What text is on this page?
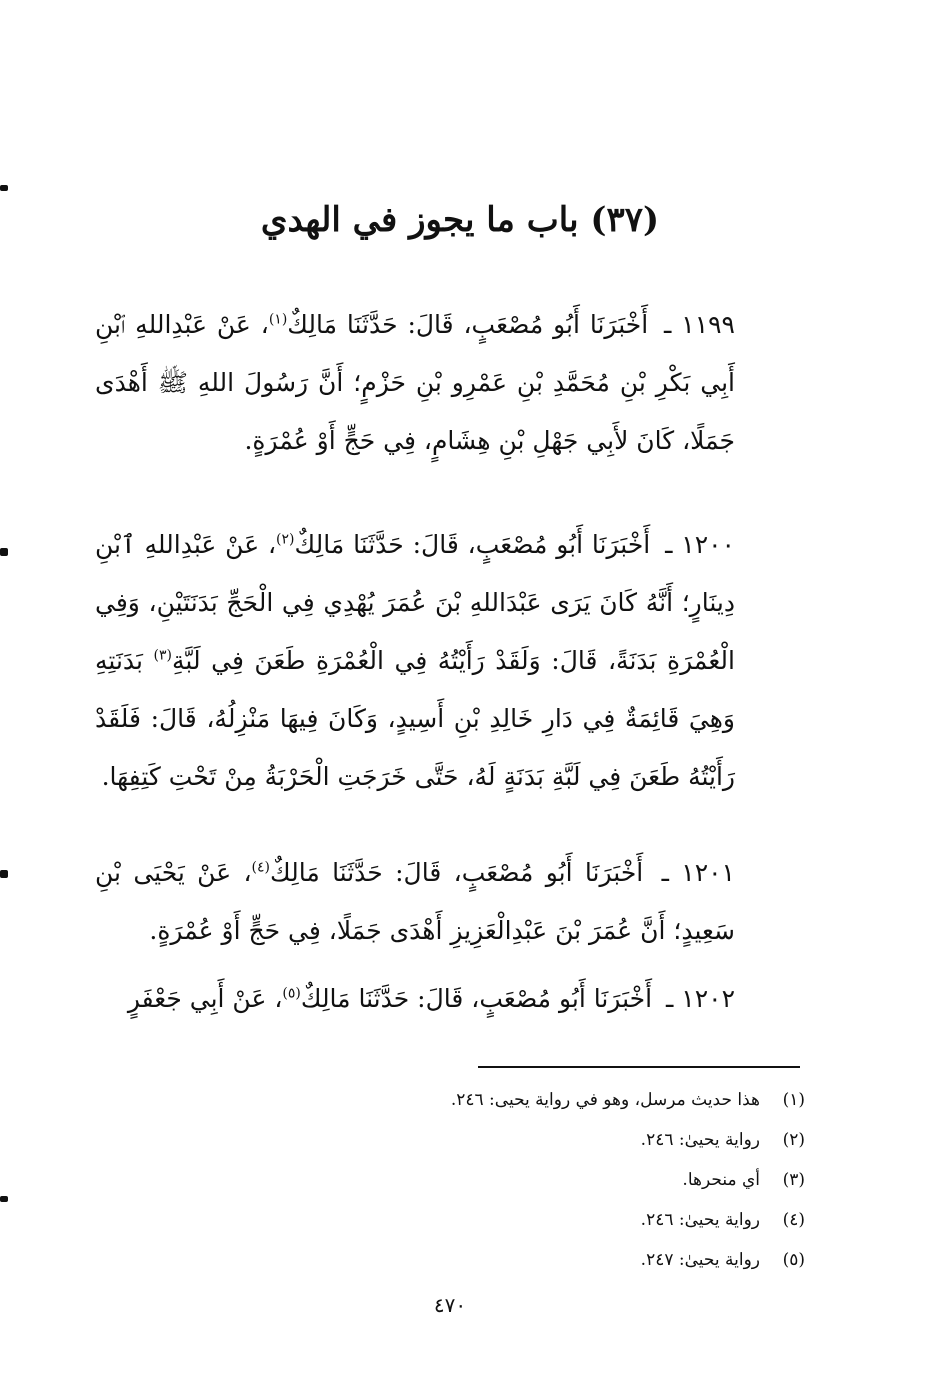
(٣٧) باب ما يجوز في الهدي
١١٩٩ ـ أَخْبَرَنَا أَبُو مُصْعَبٍ، قَالَ: حَدَّثَنَا مَالِكٌ$^{(١)}$، عَنْ عَبْدِاللهِ ٱبْنِ أَبِي بَكْرِ بْنِ مُحَمَّدِ بْنِ عَمْرِو بْنِ حَزْمٍ؛ أَنَّ رَسُولَ اللهِ ﷺ أَهْدَى جَمَلًا، كَانَ لأَبِي جَهْلِ بْنِ هِشَامٍ، فِي حَجٍّ أَوْ عُمْرَةٍ.
١٢٠٠ ـ أَخْبَرَنَا أَبُو مُصْعَبٍ، قَالَ: حَدَّثَنَا مَالِكٌ$^{(٢)}$، عَنْ عَبْدِاللهِ ٱبْنِ دِينَارٍ؛ أَنَّهُ كَانَ يَرَى عَبْدَاللهِ بْنَ عُمَرَ يُهْدِي فِي الْحَجِّ بَدَنَتَيْنِ، وَفِي الْعُمْرَةِ بَدَنَةً، قَالَ: وَلَقَدْ رَأَيْتُهُ فِي الْعُمْرَةِ طَعَنَ فِي لَبَّةِ$^{(٣)}$ بَدَنَتِهِ وَهِيَ قَائِمَةٌ فِي دَارِ خَالِدِ بْنِ أَسِيدٍ، وَكَانَ فِيهَا مَنْزِلُهُ، قَالَ: فَلَقَدْ رَأَيْتُهُ طَعَنَ فِي لَبَّةِ بَدَنَةٍ لَهُ، حَتَّى خَرَجَتِ الْحَرْبَةُ مِنْ تَحْتِ كَتِفِهَا.
١٢٠١ ـ أَخْبَرَنَا أَبُو مُصْعَبٍ، قَالَ: حَدَّثَنَا مَالِكٌ$^{(٤)}$، عَنْ يَحْيَى بْنِ سَعِيدٍ؛ أَنَّ عُمَرَ بْنَ عَبْدِالْعَزِيزِ أَهْدَى جَمَلًا، فِي حَجٍّ أَوْ عُمْرَةٍ.
١٢٠٢ ـ أَخْبَرَنَا أَبُو مُصْعَبٍ، قَالَ: حَدَّثَنَا مَالِكٌ$^{(٥)}$، عَنْ أَبِي جَعْفَرٍ
(١)
هذا حديث مرسل، وهو في رواية يحيى: ٢٤٦.
(٢)
رواية يحيىٰ: ٢٤٦.
(٣)
أي منحرها.
(٤)
رواية يحيىٰ: ٢٤٦.
(٥)
رواية يحيىٰ: ٢٤٧.
٤٧٠
